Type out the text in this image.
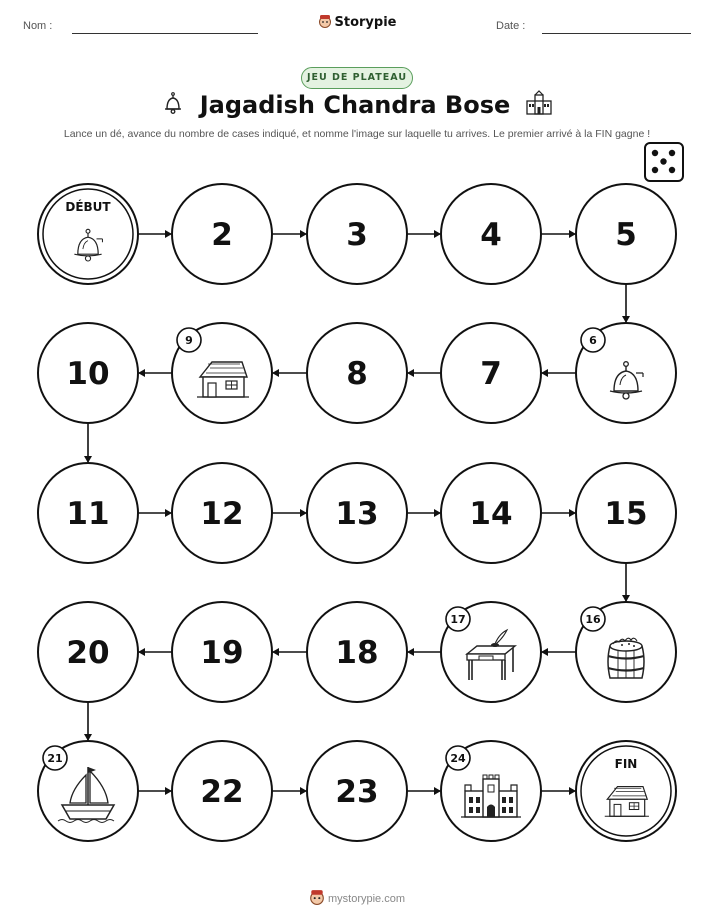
Nom :	Storypie	Date :
JEU DE PLATEAU
Jagadish Chandra Bose
Lance un dé, avance du nombre de cases indiqué, et nomme l'image sur laquelle tu arrives. Le premier arrivé à la FIN gagne !
DÉBUT
2	3	4	5
6
7
8
9
10
11	12	13	14	15
16
17
18
19
20
21
22	23
24	FIN
mystorypie.com
